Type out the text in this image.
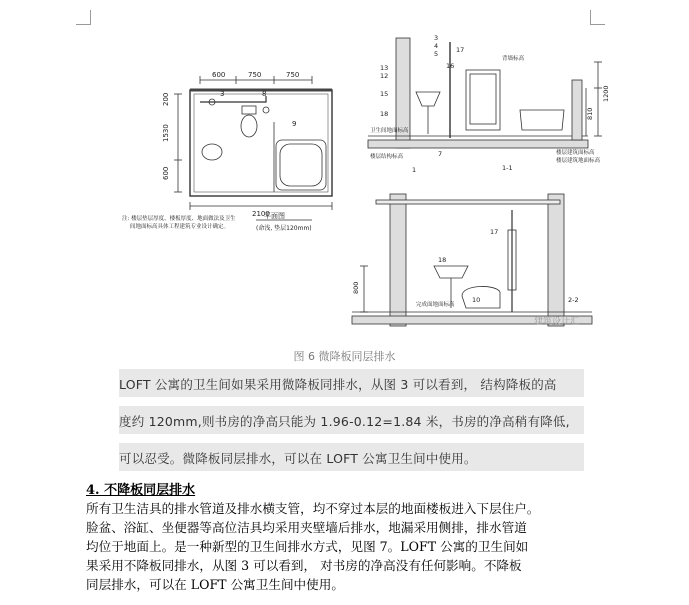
600	750	750
2100
1530
600
200
平面图
(命浅, 垫层120mm)
注: 楼层垫层厚度、楼板厚度、地面做法及卫生
间地面标高具体工程建筑专业设计确定。
3	8
9
3
4
5
16
17
13
12
15
18
7
1
卫生间地面标高
楼层结构标高
楼层建筑面标高
背墙标高
楼层建筑地面标高
1200
810
1-1
17
18
10
800
完成面地面标高
2-2
建筑设计汇
图 6 微降板同层排水
LOFT 公寓的卫生间如果采用微降板同排水，从图 3 可以看到， 结构降板的高
度约 120mm,则书房的净高只能为 1.96-0.12=1.84 米，书房的净高稍有降低,
可以忍受。微降板同层排水，可以在 LOFT 公寓卫生间中使用。
4. 不降板同层排水
所有卫生洁具的排水管道及排水横支管，均不穿过本层的地面楼板进入下层住户。
脸盆、浴缸、坐便器等高位洁具均采用夹壁墙后排水，地漏采用侧排，排水管道
均位于地面上。是一种新型的卫生间排水方式，见图 7。LOFT 公寓的卫生间如
果采用不降板同排水，从图 3 可以看到， 对书房的净高没有任何影响。不降板
同层排水，可以在 LOFT 公寓卫生间中使用。
